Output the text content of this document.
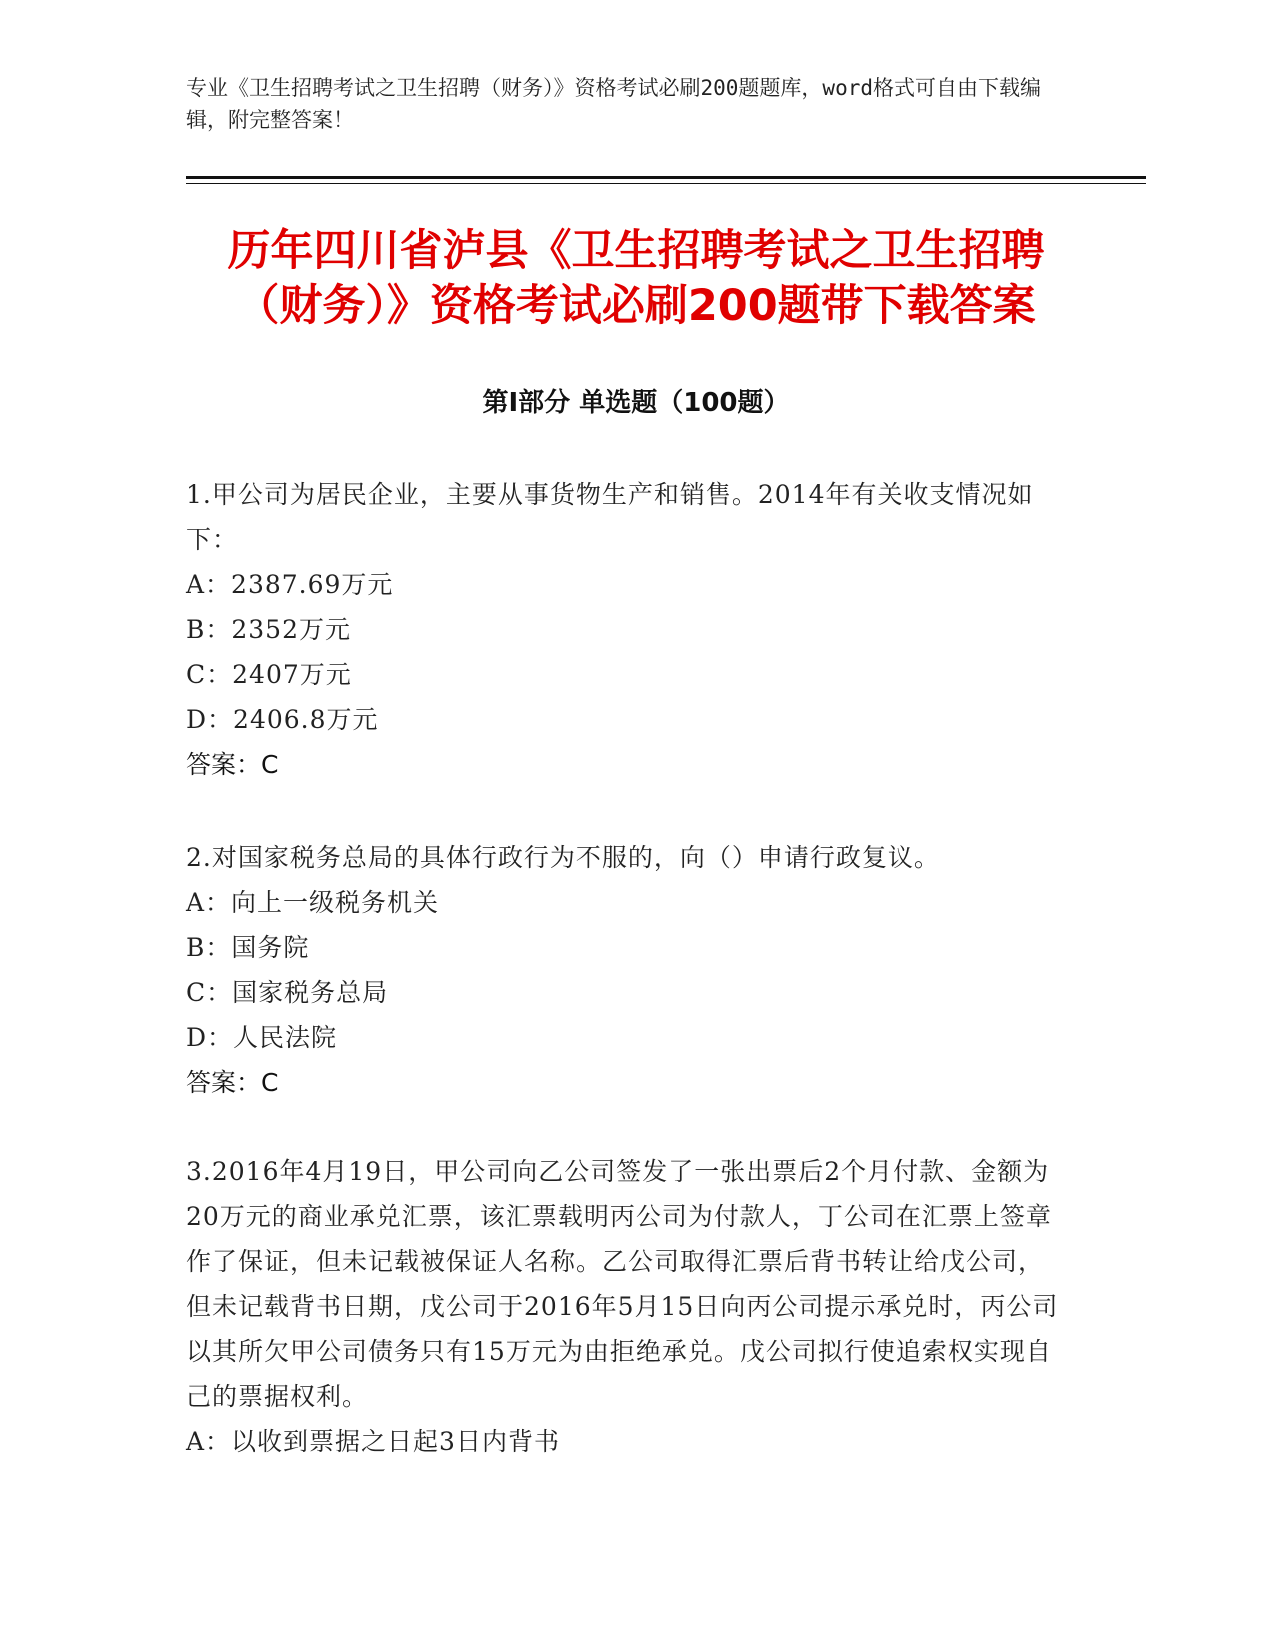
专业《卫生招聘考试之卫生招聘（财务）》资格考试必刷200题题库，word格式可自由下载编辑，附完整答案！
历年四川省泸县《卫生招聘考试之卫生招聘（财务）》资格考试必刷200题带下载答案
第Ⅰ部分 单选题（100题）
1.甲公司为居民企业，主要从事货物生产和销售。2014年有关收支情况如下：
A：2387.69万元
B：2352万元
C：2407万元
D：2406.8万元
答案：C
2.对国家税务总局的具体行政行为不服的，向（）申请行政复议。
A：向上一级税务机关
B：国务院
C：国家税务总局
D：人民法院
答案：C
3.2016年4月19日，甲公司向乙公司签发了一张出票后2个月付款、金额为20万元的商业承兑汇票，该汇票载明丙公司为付款人，丁公司在汇票上签章作了保证，但未记载被保证人名称。乙公司取得汇票后背书转让给戊公司，但未记载背书日期，戊公司于2016年5月15日向丙公司提示承兑时，丙公司以其所欠甲公司债务只有15万元为由拒绝承兑。戊公司拟行使追索权实现自己的票据权利。
A：以收到票据之日起3日内背书
